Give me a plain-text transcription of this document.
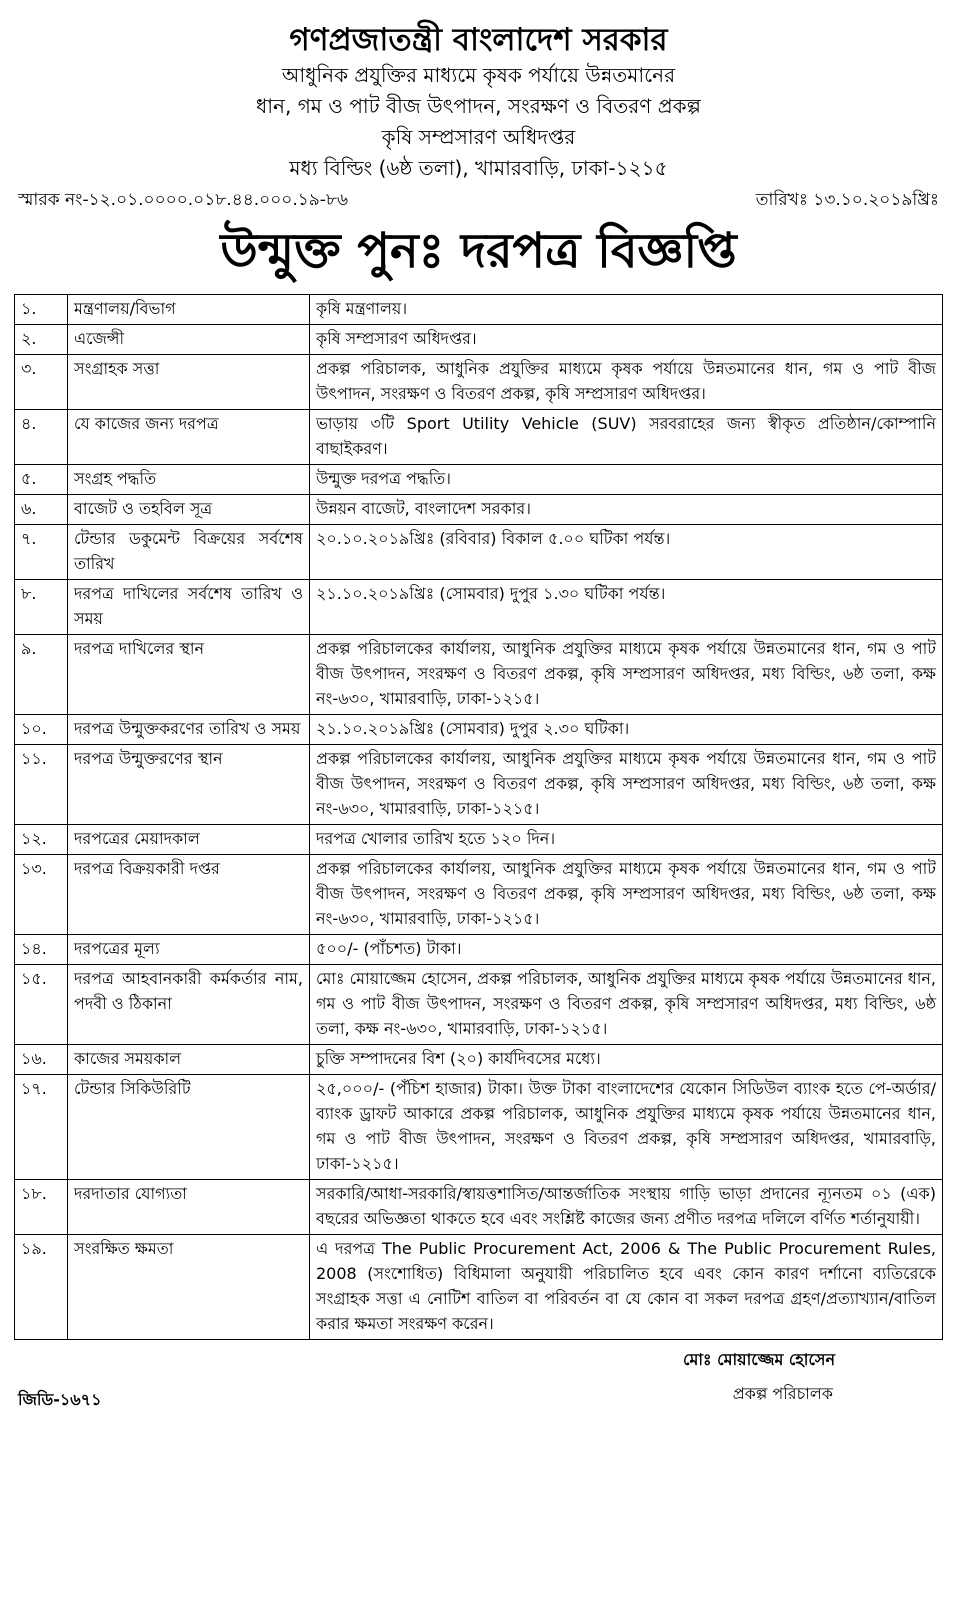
গণপ্রজাতন্ত্রী বাংলাদেশ সরকার
আধুনিক প্রযুক্তির মাধ্যমে কৃষক পর্যায়ে উন্নতমানের
ধান, গম ও পাট বীজ উৎপাদন, সংরক্ষণ ও বিতরণ প্রকল্প
কৃষি সম্প্রসারণ অধিদপ্তর
মধ্য বিল্ডিং (৬ষ্ঠ তলা), খামারবাড়ি, ঢাকা-১২১৫
স্মারক নং-১২.০১.০০০০.০১৮.৪৪.০০০.১৯-৮৬	তারিখঃ ১৩.১০.২০১৯খ্রিঃ
উন্মুক্ত পুনঃ দরপত্র বিজ্ঞপ্তি
১.	মন্ত্রণালয়/বিভাগ	কৃষি মন্ত্রণালয়।
২.	এজেন্সী	কৃষি সম্প্রসারণ অধিদপ্তর।
৩.	সংগ্রাহক সত্তা	প্রকল্প পরিচালক, আধুনিক প্রযুক্তির মাধ্যমে কৃষক পর্যায়ে উন্নতমানের ধান, গম ও পাট বীজ উৎপাদন, সংরক্ষণ ও বিতরণ প্রকল্প, কৃষি সম্প্রসারণ অধিদপ্তর।
৪.	যে কাজের জন্য দরপত্র	ভাড়ায় ৩টি Sport Utility Vehicle (SUV) সরবরাহের জন্য স্বীকৃত প্রতিষ্ঠান/কোম্পানি বাছাইকরণ।
৫.	সংগ্রহ পদ্ধতি	উন্মুক্ত দরপত্র পদ্ধতি।
৬.	বাজেট ও তহবিল সূত্র	উন্নয়ন বাজেট, বাংলাদেশ সরকার।
৭.	টেন্ডার ডকুমেন্ট বিক্রয়ের সর্বশেষ তারিখ	২০.১০.২০১৯খ্রিঃ (রবিবার) বিকাল ৫.০০ ঘটিকা পর্যন্ত।
৮.	দরপত্র দাখিলের সর্বশেষ তারিখ ও সময়	২১.১০.২০১৯খ্রিঃ (সোমবার) দুপুর ১.৩০ ঘটিকা পর্যন্ত।
৯.	দরপত্র দাখিলের স্থান	প্রকল্প পরিচালকের কার্যালয়, আধুনিক প্রযুক্তির মাধ্যমে কৃষক পর্যায়ে উন্নতমানের ধান, গম ও পাট বীজ উৎপাদন, সংরক্ষণ ও বিতরণ প্রকল্প, কৃষি সম্প্রসারণ অধিদপ্তর, মধ্য বিল্ডিং, ৬ষ্ঠ তলা, কক্ষ নং-৬৩০, খামারবাড়ি, ঢাকা-১২১৫।
১০.	দরপত্র উন্মুক্তকরণের তারিখ ও সময়	২১.১০.২০১৯খ্রিঃ (সোমবার) দুপুর ২.৩০ ঘটিকা।
১১.	দরপত্র উন্মুক্তরণের স্থান	প্রকল্প পরিচালকের কার্যালয়, আধুনিক প্রযুক্তির মাধ্যমে কৃষক পর্যায়ে উন্নতমানের ধান, গম ও পাট বীজ উৎপাদন, সংরক্ষণ ও বিতরণ প্রকল্প, কৃষি সম্প্রসারণ অধিদপ্তর, মধ্য বিল্ডিং, ৬ষ্ঠ তলা, কক্ষ নং-৬৩০, খামারবাড়ি, ঢাকা-১২১৫।
১২.	দরপত্রের মেয়াদকাল	দরপত্র খোলার তারিখ হতে ১২০ দিন।
১৩.	দরপত্র বিক্রয়কারী দপ্তর	প্রকল্প পরিচালকের কার্যালয়, আধুনিক প্রযুক্তির মাধ্যমে কৃষক পর্যায়ে উন্নতমানের ধান, গম ও পাট বীজ উৎপাদন, সংরক্ষণ ও বিতরণ প্রকল্প, কৃষি সম্প্রসারণ অধিদপ্তর, মধ্য বিল্ডিং, ৬ষ্ঠ তলা, কক্ষ নং-৬৩০, খামারবাড়ি, ঢাকা-১২১৫।
১৪.	দরপত্রের মূল্য	৫০০/- (পাঁচশত) টাকা।
১৫.	দরপত্র আহবানকারী কর্মকর্তার নাম, পদবী ও ঠিকানা	মোঃ মোয়াজ্জেম হোসেন, প্রকল্প পরিচালক, আধুনিক প্রযুক্তির মাধ্যমে কৃষক পর্যায়ে উন্নতমানের ধান, গম ও পাট বীজ উৎপাদন, সংরক্ষণ ও বিতরণ প্রকল্প, কৃষি সম্প্রসারণ অধিদপ্তর, মধ্য বিল্ডিং, ৬ষ্ঠ তলা, কক্ষ নং-৬৩০, খামারবাড়ি, ঢাকা-১২১৫।
১৬.	কাজের সময়কাল	চুক্তি সম্পাদনের বিশ (২০) কার্যদিবসের মধ্যে।
১৭.	টেন্ডার সিকিউরিটি	২৫,০০০/- (পঁচিশ হাজার) টাকা। উক্ত টাকা বাংলাদেশের যেকোন সিডিউল ব্যাংক হতে পে-অর্ডার/ব্যাংক ড্রাফট আকারে প্রকল্প পরিচালক, আধুনিক প্রযুক্তির মাধ্যমে কৃষক পর্যায়ে উন্নতমানের ধান, গম ও পাট বীজ উৎপাদন, সংরক্ষণ ও বিতরণ প্রকল্প, কৃষি সম্প্রসারণ অধিদপ্তর, খামারবাড়ি, ঢাকা-১২১৫।
১৮.	দরদাতার যোগ্যতা	সরকারি/আধা-সরকারি/স্বায়ত্তশাসিত/আন্তর্জাতিক সংস্থায় গাড়ি ভাড়া প্রদানের ন্যূনতম ০১ (এক) বছরের অভিজ্ঞতা থাকতে হবে এবং সংশ্লিষ্ট কাজের জন্য প্রণীত দরপত্র দলিলে বর্ণিত শর্তানুযায়ী।
১৯.	সংরক্ষিত ক্ষমতা	এ দরপত্র The Public Procurement Act, 2006 & The Public Procurement Rules, 2008 (সংশোধিত) বিধিমালা অনুযায়ী পরিচালিত হবে এবং কোন কারণ দর্শানো ব্যতিরেকে সংগ্রাহক সত্তা এ নোটিশ বাতিল বা পরিবর্তন বা যে কোন বা সকল দরপত্র গ্রহণ/প্রত্যাখ্যান/বাতিল করার ক্ষমতা সংরক্ষণ করেন।
মোঃ মোয়াজ্জেম হোসেন
প্রকল্প পরিচালক
জিডি-১৬৭১
